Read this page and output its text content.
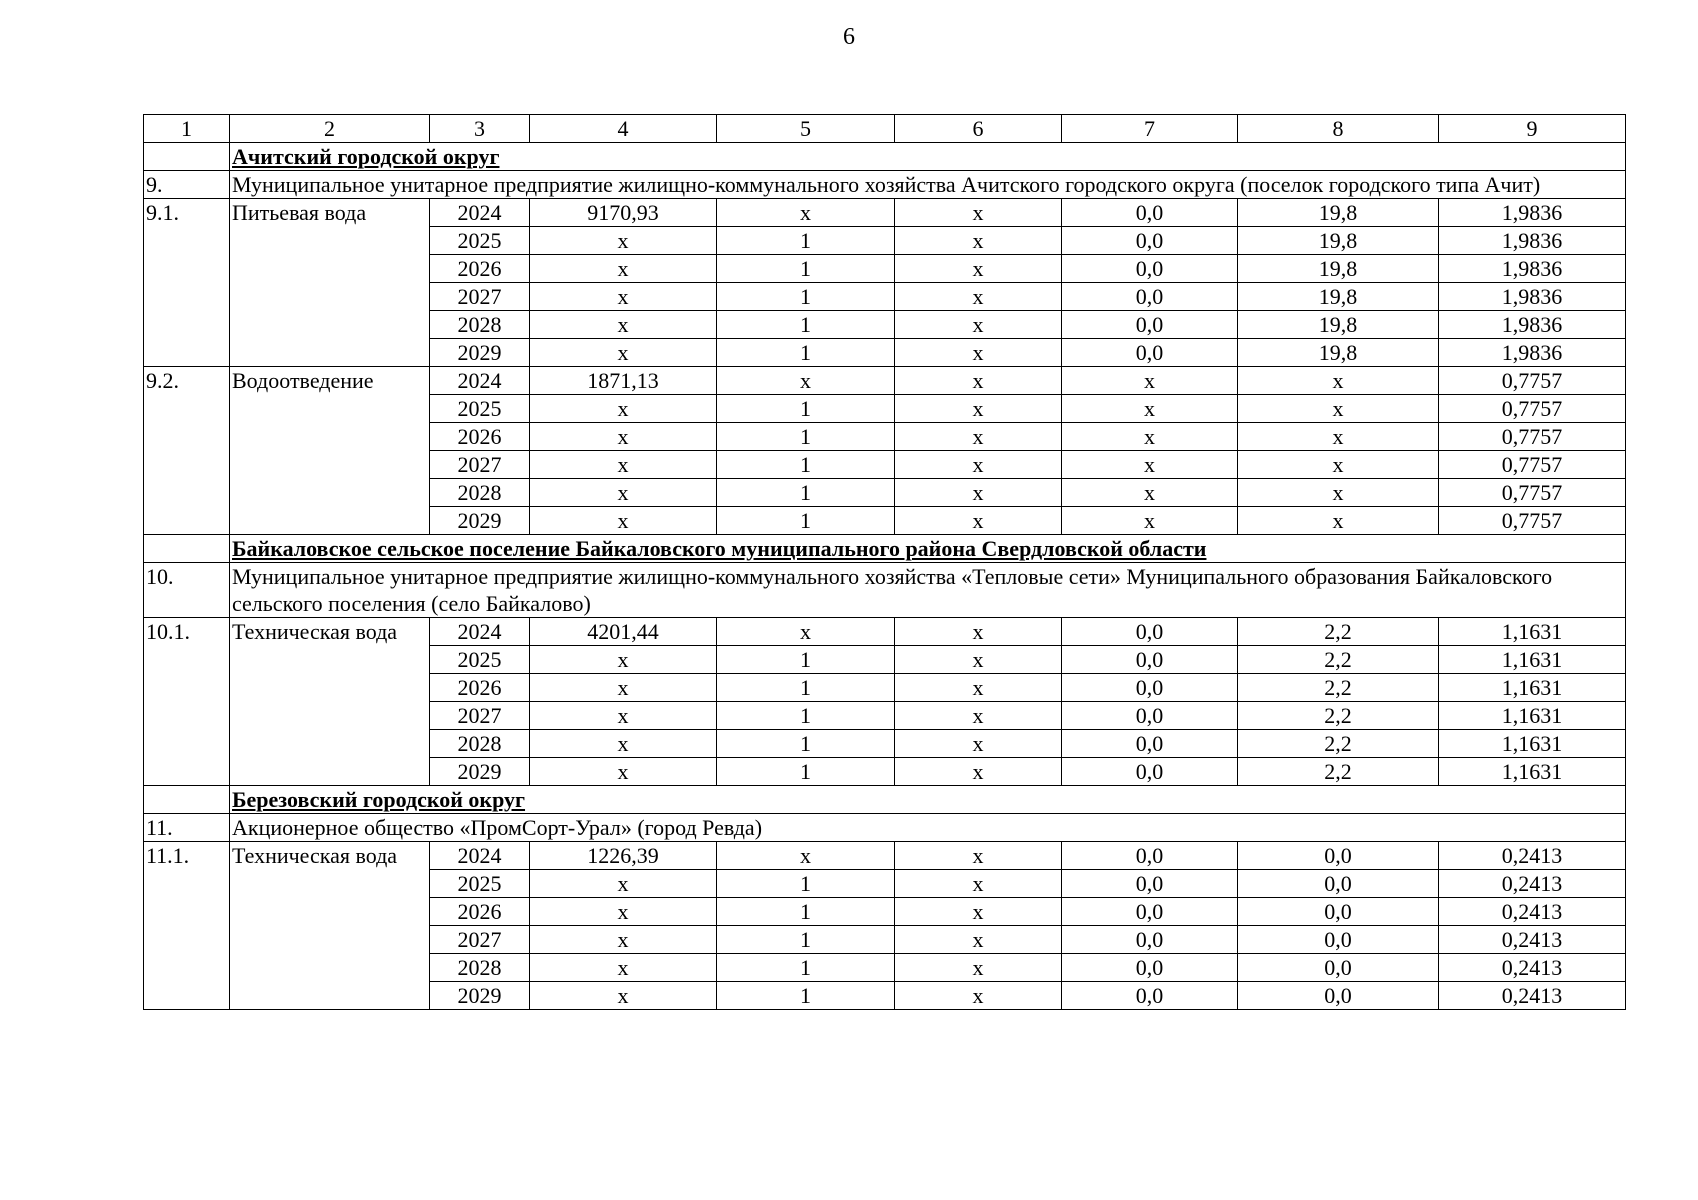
6
1	2	3	4	5	6	7	8	9
	Ачитский городской округ							
9.	Муниципальное унитарное предприятие жилищно-коммунального хозяйства Ачитского городского округа (поселок городского типа Ачит)							
9.1.	Питьевая вода	2024	9170,93	х	х	0,0	19,8	1,9836
		2025	х	1	х	0,0	19,8	1,9836
		2026	х	1	х	0,0	19,8	1,9836
		2027	х	1	х	0,0	19,8	1,9836
		2028	х	1	х	0,0	19,8	1,9836
		2029	х	1	х	0,0	19,8	1,9836
9.2.	Водоотведение	2024	1871,13	х	х	х	х	0,7757
		2025	х	1	х	х	х	0,7757
		2026	х	1	х	х	х	0,7757
		2027	х	1	х	х	х	0,7757
		2028	х	1	х	х	х	0,7757
		2029	х	1	х	х	х	0,7757
	Байкаловское сельское поселение Байкаловского муниципального района Свердловской области							
10.	Муниципальное унитарное предприятие жилищно-коммунального хозяйства «Тепловые сети» Муниципального образования Байкаловского сельского поселения (село Байкалово)							
10.1.	Техническая вода	2024	4201,44	х	х	0,0	2,2	1,1631
		2025	х	1	х	0,0	2,2	1,1631
		2026	х	1	х	0,0	2,2	1,1631
		2027	х	1	х	0,0	2,2	1,1631
		2028	х	1	х	0,0	2,2	1,1631
		2029	х	1	х	0,0	2,2	1,1631
	Березовский городской округ							
11.	Акционерное общество «ПромСорт-Урал» (город Ревда)							
11.1.	Техническая вода	2024	1226,39	х	х	0,0	0,0	0,2413
		2025	х	1	х	0,0	0,0	0,2413
		2026	х	1	х	0,0	0,0	0,2413
		2027	х	1	х	0,0	0,0	0,2413
		2028	х	1	х	0,0	0,0	0,2413
		2029	х	1	х	0,0	0,0	0,2413
